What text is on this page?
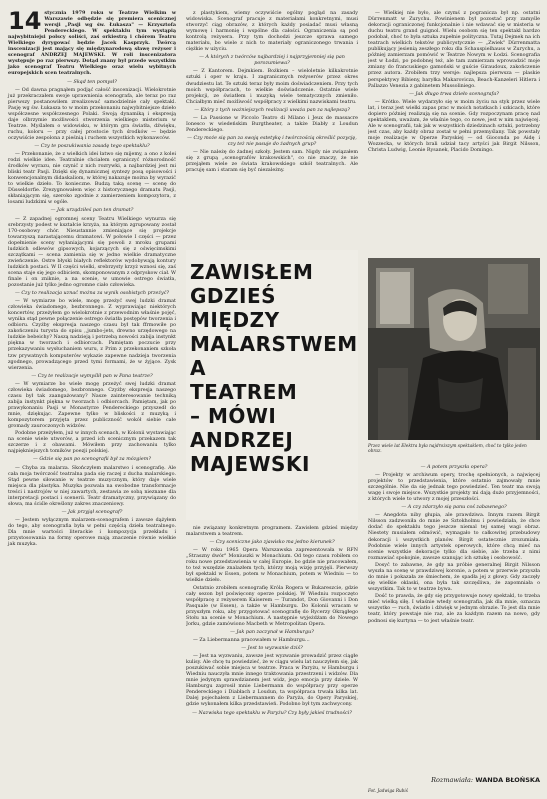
14 stycznia 1979 roku w Teatrze Wielkim w Warszawie odbędzie się premiera scenicznej wersji „Pasji wg św. Łukasza" — Krzysztofa Pendereckiego. W spektaklu tym wystąpią najwybitniejsi polscy soliści, zaś orkiestrą i chórem Teatru Wielkiego dyrygować będzie Jacek Kasprzyk. Twórcą inscenizacji jest mający się międzynarodową sławę reżyser i scenograf ANDRZEJ MAJEWSKI. W roli inscenizatora występuje po raz pierwszy. Dotąd znany był przede wszystkim jako scenograf Teatru Wielkiego oraz wielu wybitnych europejskich scen teatralnych.

— Skąd ten pomysł?

— Od dawna pragnąłem podjąć całość inscenizacji. Wielokrotnie już przekraczałem swoje uprawnienia scenografa, ale teraz po raz pierwszy postanowiłem zrealizować samodzielnie cały spektakl. Pasję wg św. Łukasza to w moim przekonaniu najwybitniejsze dzieło współczesne współczesnego Polaki. Swoją dynamiką i ekspresją daje olbrzymie możliwości stworzenia wielkiego misterium w Teatrze. Myślałem o widowisku, w którym gra światła, dźwięku, ruchu, koloru — przy całej prostocie tych środków — będzie oczywiście zespolona z pieśnią i ruchem wszystkich wykonawców.

— Czy te poszukiwania zasadę tego spektaklu?

— Przekonanie, że z wielkich idei łatwo się mijemy, a ono z kolei rodzi wielkie idee. Teatralnie chciałem ograniczyć różnorodność środków wyrazu, nie czynić z nich rozrywki, a najbardziej jest mi bliski teatr Pasji. Dzięki się dynamicznej syntezy posą opisowości i konwencjonalnym didaskaliom, w której nakazuje można by wyrazić to wielkie dzieło. To konieczne. Budzą taką scenę — scenę do Düsseldorfie. Zrezygnowałem więc z historycznego dramatu Pasji, skłaniającym się, szeroko zgodnie z zamierzeniem kompozytora, z losami ludzkimi w ogóle.

— Jak urządziłeś pan ten dramat?

— Z zapadnej ogromnej sceny Teatru Wielkiego wynurza się srebrzysty podest w kształcie krzyża, na którym zgrupowany został 170-osobowy chór. Nieustannie zmieniające się projekcje towarzyszą narastającemu dramatowi. W połowie I części — przez dopełnienie sceny wyłaniającymi się powoli z mroku grupami ludzkich odlewów gipsowych, kojarzących się z oświęcimskimi szczątkami — scena zamienia się w jedno wielkie dramatyczne zwieńczenie. Ostre błyski białych reflektorów wydobywają kontury ludzkich postaci. W II części wielki, srebrzysty krzyż wznosi się, zaś scena staje się jego odbiciem, skomponowanym z odpryskow ciał. W finale i on zniknie, a na scenie, w umowie ostrego światła, pozostanie już tylko jedno ogromne ciało człowieka.

— Czy to realizacja uznać można za wynik osobistych przeżyć?

— W wymiarze bo wiele, mogę przeżyć swej ludzki dramat człowieka świadomego, bezbronnego. Z wyprawiając niektórych koncertów, przeżyłem go wielokrotnie z przewodnim właśnie pojęć, wynika stąd pewne połączenie ostrego światła postępów tworzenia i odbioru. Czyżby ekspresja naszego czasu był tak ffrmowiłe po zakończeniu turysta do spisu ,,jumbo-jets, drewno urzędowego na ludzkie bebeichy? Naszą nadzieją i potrzebą nowości zabija instynkt piękna w tworzach i odbiorcach. Pamiętam poczucie przy przekazywaniu wysłuchaniem wuru, z Prim z przekonaniem szkoła tzw prywatnych komputerów wykazie zapewne nadzieja tworzenia zgodnego, prowadzącego przed tymi formami, że w żyjące. Zysk wierzenia.

— Czy te realizacje wymyślił pan w Pana teatrze?

— W wymiarze bo wiele mogę przeżyć swej ludzki dramat człowieka świadomego, bezbronnego. Czyżby ekspresja naszego czasu był tak zaangażowany? Nasze zainteresowanie techniką zabija instynkt piękna w tworzach i odbiorcach. Pamiętam, jak po prawykonaniu Pasji w Monastyrze Pendereckiego przyszedł do mnie, dziękując. Zapewne tylko w bliskości z muzyką i kompozytorem przyjęta przez publiczność wokół siebie całe gromady zauroczonych widzów.

Podobne przeżyłem, już w innych scenach, w Kolonii wystawiając na scenie wiele utworów, a przed ich scenicznym przekazem tak szczerze i z obawami. Mówiłem przy zachowaniu tylko najpiękniejszych tomików poezji polskiej.

— Gdzie się pan po scenografii był za mózgiem?

— Chyba za malarza. Skończyłem malarstwo i scenografię. Ale cała moja twórczość teatralna pada się raczej z ducha malarskiego. Stąd pewne siłowanie w teatrze muzycznym, który daje wiele miejsca dla plastyka. Muzyka pozwala na swobodne transformacje treści i nastrojów w niej zawartych, zestawia ze sobą nieznane dla interpretacji postaci i scenerii. Teatr dramatyczny, przywiązany do słowa, ma ściśle określony zakres znaczeniowy.

— Jak przyjął scenograf?

— Jestem wyłącznym malarzem-scenografem i zawsze dążyłem do tego, aby scenografia była w pełni częścią dzieła teatralnego. Dla mnie wartości literackie i kompozycja przekładu i przystosowania na formy operowe mają znaczenie równie wielkie jak muzyka.

z plastykiem, wiemy oczywiście ogólny pogląd na zasady widowiska. Scenograf pracuje z materiałami konkretnymi, musi stworzyć ciąg obrazów, z których każdy posiadać musi własną wymowę i harmonię i wspólne dla całości. Ograniczenia są pod kontrolą reżysera. Przy tym dochodzi jeszcze sprawa samego materiału, bo wiele z nich to materiały ograniczonego trwania i ciężkie w użyciu.

— A których z twórców najbardziej i najprzyjemniej się pan porozumiewa?

— Z Kantorem. Dejmkiem. Bożkiem – wieloletnie kilkakrotnie sztuki i oper w kraju. I zagranicznych reżyserów przez okres dwudziestu lat. Te sztuki teraz były moim doświadczeniem. Przy tych moich współpracach, to wielkie doświadczenie. Ostatnie wiele projekcji, ze światłem i muzyką wiele tematycznych zmieniło. Chciałbym mieć możliwość współpracy z wielkimi nazwiskami teatru.

— Który z tych ważniejszych realizacji uważa pan za najlepszą?

— La Passione w Piccolo Teatro di Milano i Jeux de massacre Ionesco w wiedeńskim Burgtheater, a także Diabły z Loudun Pendereckiego.

— Czy może się pan za swoją estetykę i twórczością określić pozycję, czy też nie pasuje do żadnych grup?

— Nie należę do żadnej szkoły. Jestem sam. Nigdy nie związałem się z grupą „scenografów krakowskich", co nie znaczy, że nie przejąłem wiele ze świata krakowskiego szkół teatralnych. Ale pracuję sam i staram się być niezależny.

ZAWISŁEM GDZIEŚ MIĘDZY MALARSTWEM A TEATREM – MÓWI ANDRZEJ MAJEWSKI

nie związany konkretnym programem. Zawisłem gdzieś między malarstwem a teatrem.

— Czy sceniczne jako zjawisko ma jedno kierunek?

— W roku 1965 Opera Warszawska zaprezentowała w RFN „Straszny dwór" Moniuszki w Monachium. Od tego czasu robiłem co roku nowe przedstawienia w całej Europie, bo gdzie nie pracowałem, to też wszędzie znalazłem tych, którzy moją wizję przyjęli. Pierwszy był spektakl w Essen, potem w Monachium, potem w Wiedniu — to wielkie dzieło.

Ostatnio zrobiłem scenografię Króla Rogera w Bukareszcie, gdzie cały sezon był poświęcony operze polskiej. W Wiedniu rozpoczęto współpracę z reżyserem Kaiserem — Turandot, Don Giovanni i Don Pasquale (w Essen), a także w Hamburgu. Do Kolonii wracam w przyszłym roku, aby przygotować scenografię do Rycerzy Okrągłego Stołu na scenie w Monachium. A następnie wyjeżdżam do Nowego Jorku, gdzie zamówiono Macbeth w Metropolitan Opera.

— Jak pan zaczynał w Hamburgu?

— Za Liebermanna pracowałem w Hamburgu…

— Jest to wyzwanie dziś?

— Jest na wyzwaniu, zawsze jest wyzwanie prowadzić przez ciągłe kulisy. Ale chcę tu powiedzieć, że w ciągu wielu lat nauczyłem się, jak poszukiwać sobie miejsca w teatrze. Praca w Paryżu, w Hamburgu i Wiedniu nauczyła mnie innego traktowania przestrzeni i widzów. Dla mnie jedynym sprawdzianem jest widz, jego emocja przy dziele. W Hamburgu zaprosił mnie Liebermann do współpracy przy operze Pendereckiego i Diabłach z Loudun, ta współpraca trwała kilka lat. Dalej pojechałem z Liebermannem do Paryża, do Opery Paryskiej, gdzie wykonałem kilka przedstawień. Podobno był tym zachwycony.

— Nazwiska tego spektaklu w Paryżu? Czy były jakieś trudności?

— Wielkiej nie było, ale czymś z pogranicza był np. ostatni Dürrenmatt w Zurychu. Powinienem był pozostać przy zamyśle dekoracji ograniczonej funkcjonalnie i nie wdawać się w misteria w duchu teatru grand guignol. Wielu osobom się ten spektakl bardzo podobał, choć to była sztuka zupełnie polityczna. Tutaj Dejmek na ich teatrach wielkich tekstów publicystycznie — „Zwiek" Dürrenmatta publikujący jesienią zeszłego roku dla Schauspielhauss w Zurychu, a później zamierzam pomówić w Teatrze Nowym w Łodzi. Scenografia jest w Łodzi, po podobnej też, ale tam zamierzam wprowadzić moje zmiany do francuskiego gamoński w guście Giraudoux, zakończenie przez autora. Zrobiłem trzy wersje: najlepsza pierwsza — plaskie perspektywy Bibieny, baryłka Makarovicza, Beach-Kanzeleri Hitlera i Pallazzo Venezia z gabinetem Mussoliniego.

— Jak długo trwa dzieło scenografa?

— Krótko. Wiele wydarzyło się w moim życiu na styk przez wiele lat, i teraz jest wielki zapas prac w moich notatkach i szkicach, które dopiero później realizują się na scenie. Gdy rozpoczynam pracę nad spektaklem, uważam, że właśnie tego, co nowe, jest w nim najwięcej. Ale w scenografii, tak jak w wszystkich dziedzinach sztuki, potrzebny jest czas, aby każdy obraz został w pełni przemyślany. Tak powstały moje realizacje w Operze Paryskiej — od Gioconda po Aidę i Wozzecka, w których brali udział tacy artyści jak Birgit Nilsson, Christa Ludwig, Leonie Rysanek, Placido Domingo.

Przez wiele lat Elektra była najdroższym spektaklem, choć to tylko jeden obraz.

— A potem przyszła opera?

— Projekty w archiwum opery, trochę spełnionych, a najwięcej projektów to przedstawienia, które ostatnio zajmowały mnie szczególnie. Nie da się jednak tego powiedzieć. Ten teatr ma swoją wagę i swoje miejsce. Wszystkie projekty mi dają dużo przyjemności, z których wiele to utwory z mojej przeszłości.

— A czy zdarzyło się panu coś zabawnego?

— Anegdota niby głupia, ale prawdziwa. Innym razem Birgit Nilsson zadzwoniła do mnie ze Sztokholmu i powiedziała, że chce dodać do spektaklu tego jeszcze niemal tej samej wagi obraz. Niestety musiałem odmówić, wymagało to całkowitej przebudowy dekoracji i wszystkich planów. Birgit ostatecznie zrozumiała. Podobnie wiele innych artystek operowych, które chcą mieć na scenie wszystkie dekoracje tylko dla siebie, ale trzeba z nimi rozmawiać spokojnie, zawsze szanując ich sztukę i osobowość.

Dosyć to zabawne, że gdy na próbie generalnej Birgit Nilsson wyszła na scenę w prawdziwej koronie, a potem w przerwie przyszła do mnie i pokazała ze śmiechem, że spadła jej z głowy. Gdy zaczęły się wielkie oklaski, ona była tak szczęśliwa, że zapomniała o wszystkim. Tak to w teatrze bywa.

Dość to prawda, że gdy się przygotowuje nowy spektakl, to trzeba mieć wielką siłę. I właśnie wtedy scenografia, jak dla mnie, oznacza wszystko — ruch, światło i dźwięk w jednym obrazie. To jest dla mnie teatr, który powstaje nie raz, ale za każdym razem na nowo, gdy podnosi się kurtyna — to jest właśnie teatr.

Rozmawiała: WANDA BŁOŃSKA
Fot. Jadwiga Rubiś
